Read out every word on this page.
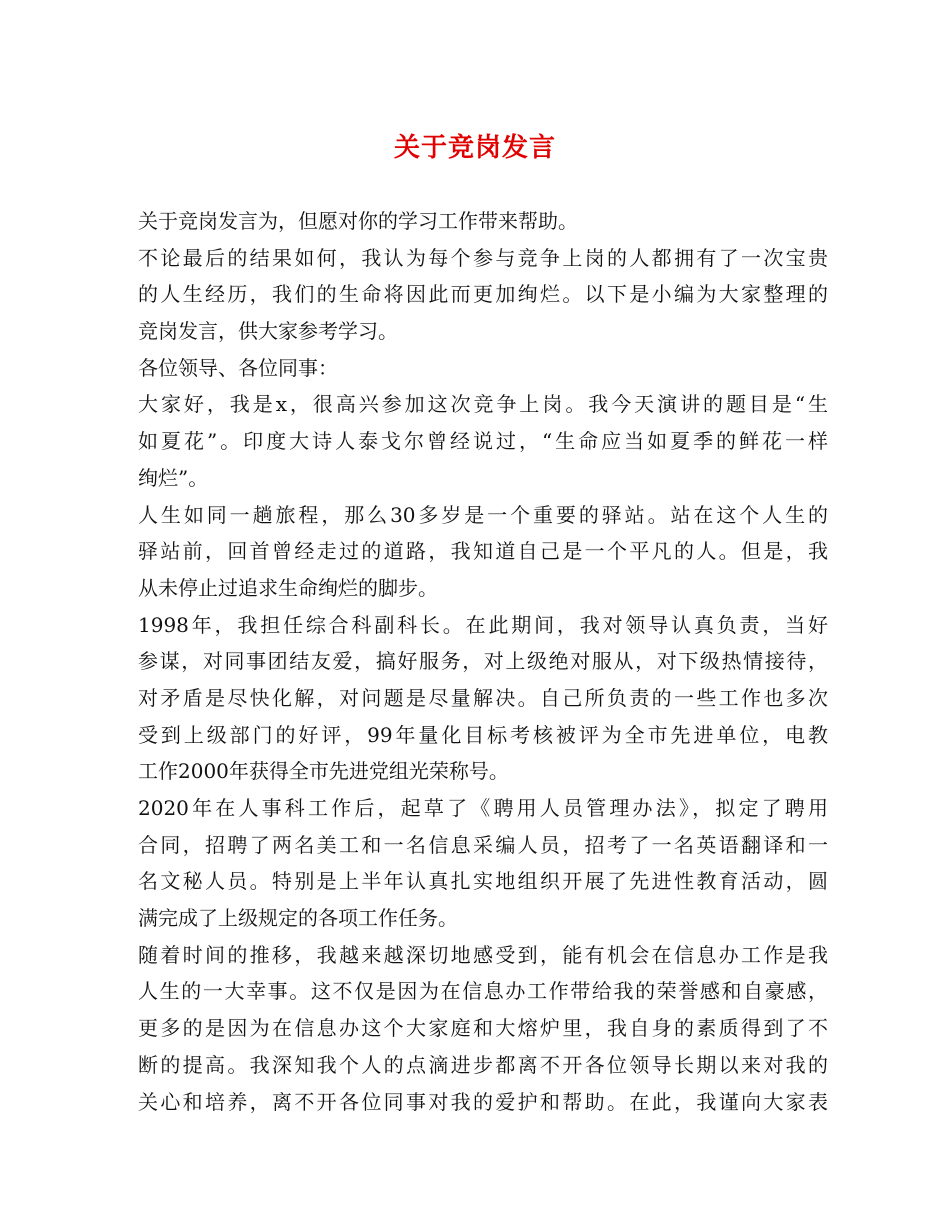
关于竞岗发言
关于竞岗发言为，但愿对你的学习工作带来帮助。
不论最后的结果如何，我认为每个参与竞争上岗的人都拥有了一次宝贵
的人生经历，我们的生命将因此而更加绚烂。以下是小编为大家整理的
竞岗发言，供大家参考学习。
各位领导、各位同事：
大家好，我是x，很高兴参加这次竞争上岗。我今天演讲的题目是“生
如夏花”。印度大诗人泰戈尔曾经说过，“生命应当如夏季的鲜花一样
绚烂”。
人生如同一趟旅程，那么30多岁是一个重要的驿站。站在这个人生的
驿站前，回首曾经走过的道路，我知道自己是一个平凡的人。但是，我
从未停止过追求生命绚烂的脚步。
1998年，我担任综合科副科长。在此期间，我对领导认真负责，当好
参谋，对同事团结友爱，搞好服务，对上级绝对服从，对下级热情接待，
对矛盾是尽快化解，对问题是尽量解决。自己所负责的一些工作也多次
受到上级部门的好评，99年量化目标考核被评为全市先进单位，电教
工作2000年获得全市先进党组光荣称号。
2020年在人事科工作后，起草了《聘用人员管理办法》，拟定了聘用
合同，招聘了两名美工和一名信息采编人员，招考了一名英语翻译和一
名文秘人员。特别是上半年认真扎实地组织开展了先进性教育活动，圆
满完成了上级规定的各项工作任务。
随着时间的推移，我越来越深切地感受到，能有机会在信息办工作是我
人生的一大幸事。这不仅是因为在信息办工作带给我的荣誉感和自豪感，
更多的是因为在信息办这个大家庭和大熔炉里，我自身的素质得到了不
断的提高。我深知我个人的点滴进步都离不开各位领导长期以来对我的
关心和培养，离不开各位同事对我的爱护和帮助。在此，我谨向大家表
